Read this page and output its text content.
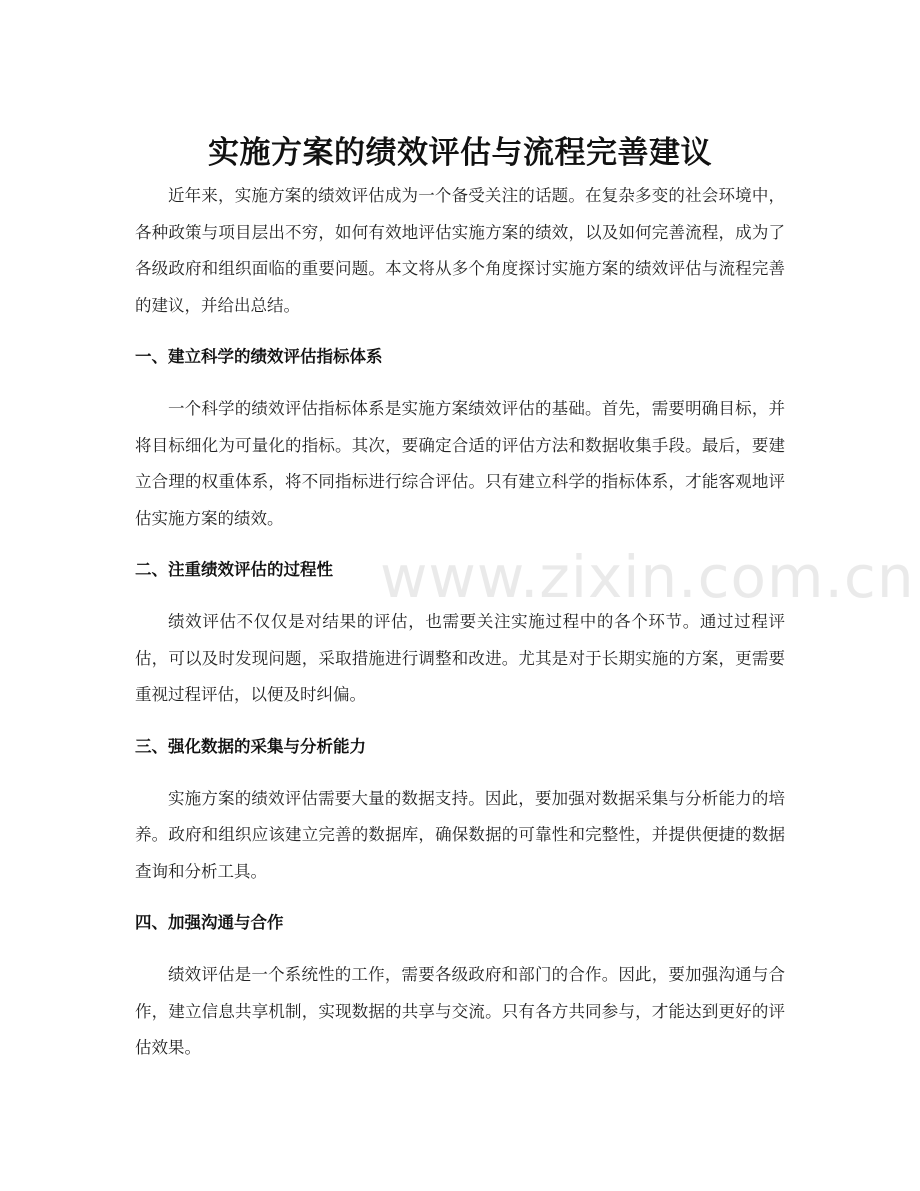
www.zixin.com.cn
实施方案的绩效评估与流程完善建议

近年来，实施方案的绩效评估成为一个备受关注的话题。在复杂多变的社会环境中，各种政策与项目层出不穷，如何有效地评估实施方案的绩效，以及如何完善流程，成为了各级政府和组织面临的重要问题。本文将从多个角度探讨实施方案的绩效评估与流程完善的建议，并给出总结。

一、建立科学的绩效评估指标体系

一个科学的绩效评估指标体系是实施方案绩效评估的基础。首先，需要明确目标，并将目标细化为可量化的指标。其次，要确定合适的评估方法和数据收集手段。最后，要建立合理的权重体系，将不同指标进行综合评估。只有建立科学的指标体系，才能客观地评估实施方案的绩效。

二、注重绩效评估的过程性

绩效评估不仅仅是对结果的评估，也需要关注实施过程中的各个环节。通过过程评估，可以及时发现问题，采取措施进行调整和改进。尤其是对于长期实施的方案，更需要重视过程评估，以便及时纠偏。

三、强化数据的采集与分析能力

实施方案的绩效评估需要大量的数据支持。因此，要加强对数据采集与分析能力的培养。政府和组织应该建立完善的数据库，确保数据的可靠性和完整性，并提供便捷的数据查询和分析工具。

四、加强沟通与合作

绩效评估是一个系统性的工作，需要各级政府和部门的合作。因此，要加强沟通与合作，建立信息共享机制，实现数据的共享与交流。只有各方共同参与，才能达到更好的评估效果。
